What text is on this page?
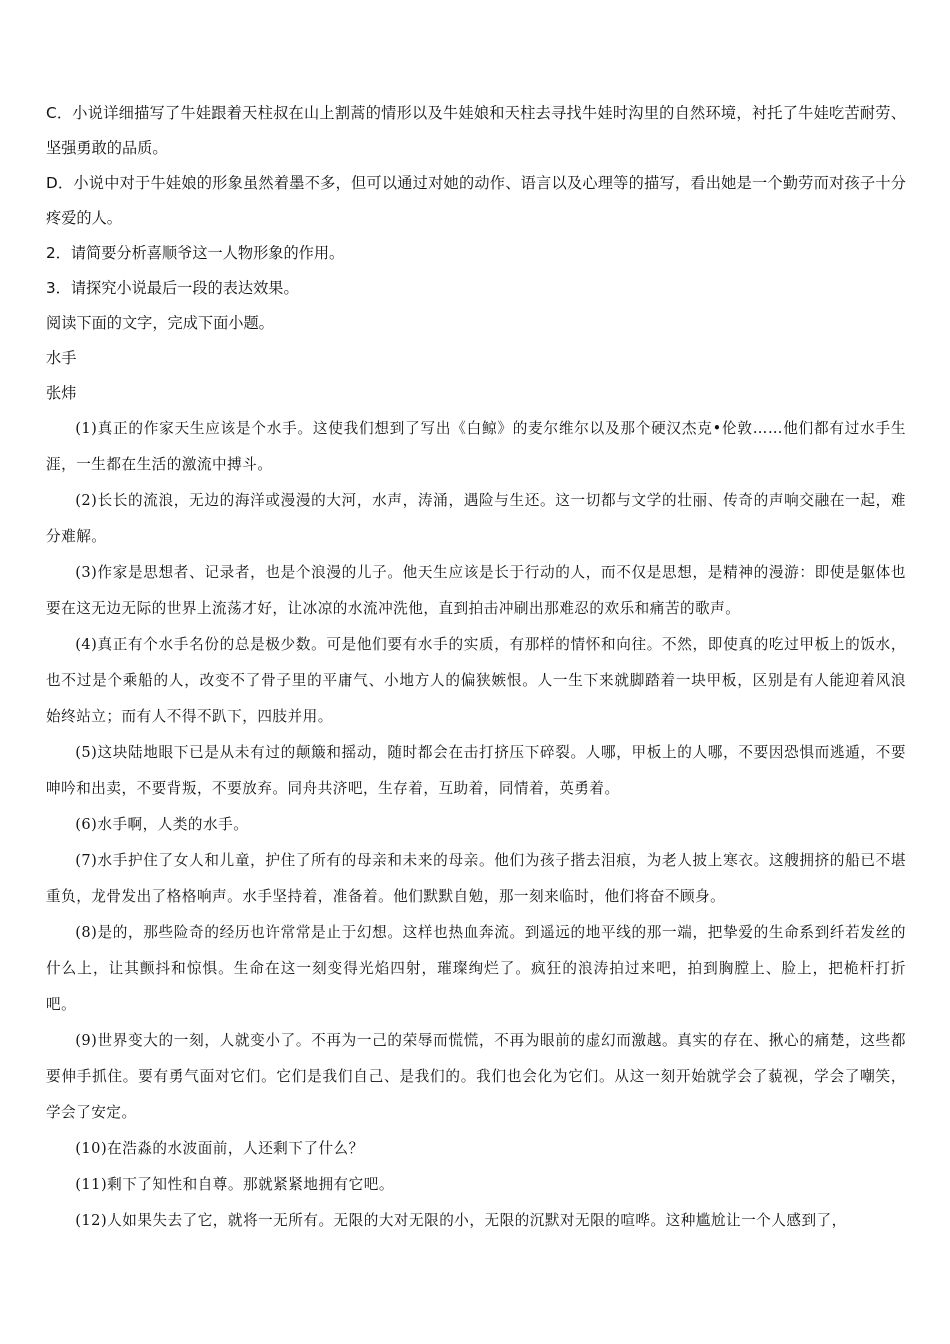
C．小说详细描写了牛娃跟着天柱叔在山上割蒿的情形以及牛娃娘和天柱去寻找牛娃时沟里的自然环境，衬托了牛娃吃苦耐劳、坚强勇敢的品质。

D．小说中对于牛娃娘的形象虽然着墨不多，但可以通过对她的动作、语言以及心理等的描写，看出她是一个勤劳而对孩子十分疼爱的人。

2．请简要分析喜顺爷这一人物形象的作用。

3．请探究小说最后一段的表达效果。

阅读下面的文字，完成下面小题。

水手

张炜

(1)真正的作家天生应该是个水手。这使我们想到了写出《白鲸》的麦尔维尔以及那个硬汉杰克•伦敦……他们都有过水手生涯，一生都在生活的激流中搏斗。

(2)长长的流浪，无边的海洋或漫漫的大河，水声，涛涌，遇险与生还。这一切都与文学的壮丽、传奇的声响交融在一起，难分难解。

(3)作家是思想者、记录者，也是个浪漫的儿子。他天生应该是长于行动的人，而不仅是思想，是精神的漫游：即使是躯体也要在这无边无际的世界上流荡才好，让冰凉的水流冲洗他，直到拍击冲刷出那难忍的欢乐和痛苦的歌声。

(4)真正有个水手名份的总是极少数。可是他们要有水手的实质，有那样的情怀和向往。不然，即使真的吃过甲板上的饭水，也不过是个乘船的人，改变不了骨子里的平庸气、小地方人的偏狭嫉恨。人一生下来就脚踏着一块甲板，区别是有人能迎着风浪始终站立；而有人不得不趴下，四肢并用。

(5)这块陆地眼下已是从未有过的颠簸和摇动，随时都会在击打挤压下碎裂。人哪，甲板上的人哪，不要因恐惧而逃遁，不要呻吟和出卖，不要背叛，不要放弃。同舟共济吧，生存着，互助着，同情着，英勇着。

(6)水手啊，人类的水手。

(7)水手护住了女人和儿童，护住了所有的母亲和未来的母亲。他们为孩子揩去泪痕，为老人披上寒衣。这艘拥挤的船已不堪重负，龙骨发出了格格响声。水手坚持着，准备着。他们默默自勉，那一刻来临时，他们将奋不顾身。

(8)是的，那些险奇的经历也许常常是止于幻想。这样也热血奔流。到遥远的地平线的那一端，把挚爱的生命系到纤若发丝的什么上，让其颤抖和惊惧。生命在这一刻变得光焰四射，璀璨绚烂了。疯狂的浪涛拍过来吧，拍到胸膛上、脸上，把桅杆打折吧。

(9)世界变大的一刻，人就变小了。不再为一己的荣辱而慌慌，不再为眼前的虚幻而激越。真实的存在、揪心的痛楚，这些都要伸手抓住。要有勇气面对它们。它们是我们自己、是我们的。我们也会化为它们。从这一刻开始就学会了藐视，学会了嘲笑，学会了安定。

(10)在浩淼的水波面前，人还剩下了什么？

(11)剩下了知性和自尊。那就紧紧地拥有它吧。

(12)人如果失去了它，就将一无所有。无限的大对无限的小，无限的沉默对无限的喧哗。这种尴尬让一个人感到了，
